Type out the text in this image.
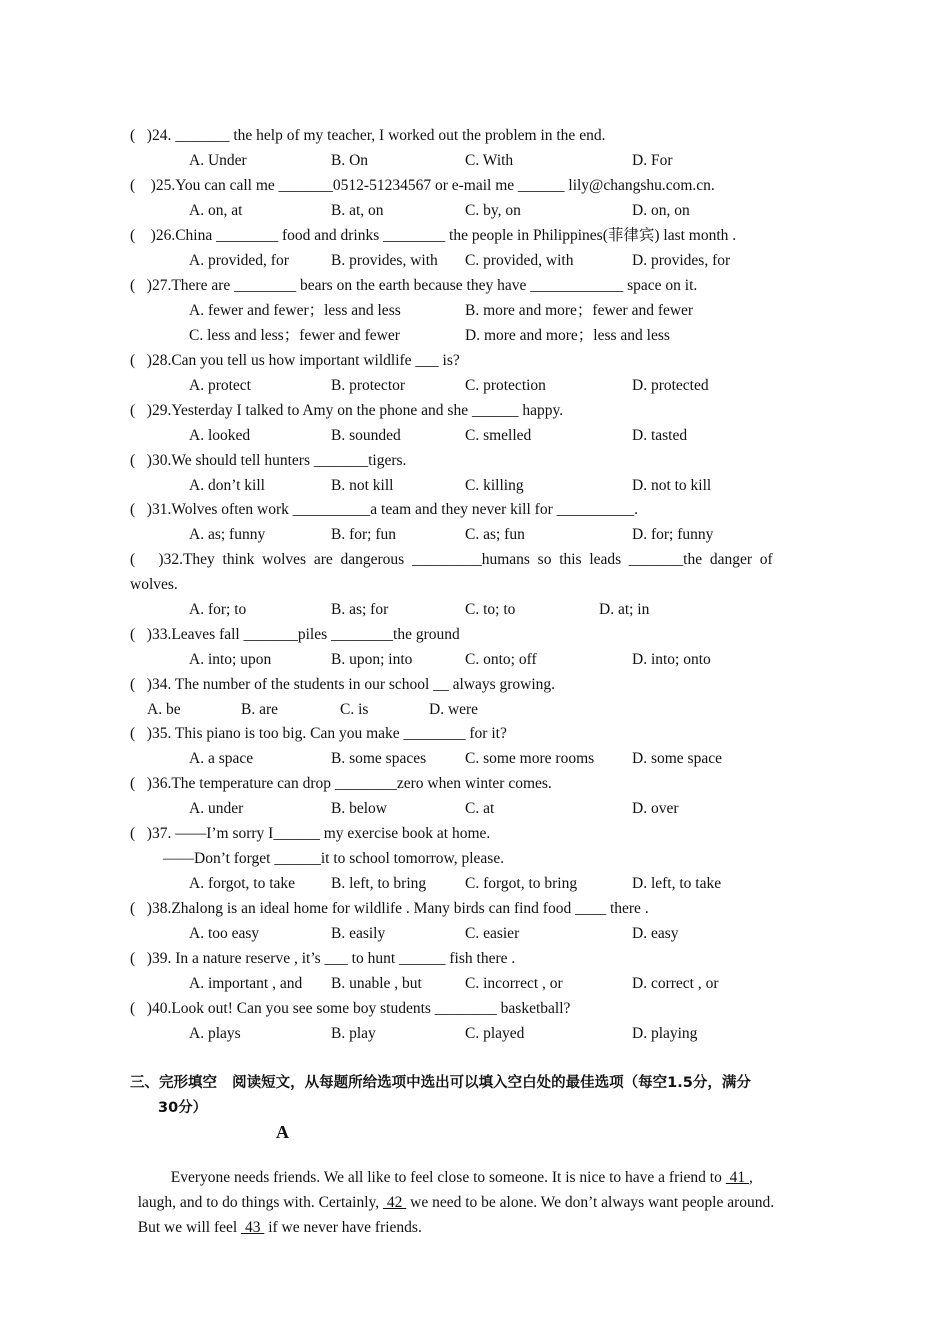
(   )24. _______ the help of my teacher, I worked out the problem in the end.
A. Under	B. On	C. With	D. For
(    )25.You can call me _______0512-51234567 or e-mail me ______ lily@changshu.com.cn.
A. on, at	B. at, on	C. by, on	D. on, on
(    )26.China ________ food and drinks ________ the people in Philippines(菲律宾) last month .
A. provided, for	B. provides, with C. provided, with	D. provides, for
(   )27.There are ________ bears on the earth because they have ____________ space on it.
A. fewer and fewer；less and less	B. more and more；fewer and fewer
C. less and less；fewer and fewer	D. more and more；less and less
(   )28.Can you tell us how important wildlife ___ is?
A. protect	B. protector	C. protection	D. protected
(   )29.Yesterday I talked to Amy on the phone and she ______ happy.
A. looked	B. sounded	C. smelled	D. tasted
(   )30.We should tell hunters _______tigers.
A. don’t kill	B. not kill	C. killing	D. not to kill
(   )31.Wolves often work __________a team and they never kill for __________.
A. as; funny	B. for; fun	C. as; fun	D. for; funny
(      )32.They  think  wolves  are  dangerous  _________humans  so  this  leads  _______the  danger  of
wolves.
A. for; to	B. as; for	C. to; to	D. at; in
(   )33.Leaves fall _______piles ________the ground
A. into; upon	B. upon; into	C. onto; off	D. into; onto
(   )34. The number of the students in our school __ always growing.
A. be	B. are	C. is	D. were
(   )35. This piano is too big. Can you make ________ for it?
A. a space	B. some spaces	C. some more rooms D. some space
(   )36.The temperature can drop ________zero when winter comes.
A. under	B. below	C. at	D. over
(   )37. ——I’m sorry I______ my exercise book at home.
——Don’t forget ______it to school tomorrow, please.
A. forgot, to take B. left, to bring	C. forgot, to bring	D. left, to take
(   )38.Zhalong is an ideal home for wildlife . Many birds can find food ____ there .
A. too easy	B. easily	C. easier	D. easy
(   )39. In a nature reserve , it’s ___ to hunt ______ fish there .
A. important , and B. unable , but	C. incorrect , or	D. correct , or
(   )40.Look out! Can you see some boy students ________ basketball?
A. plays	B. play	C. played	D. playing
三、完形填空   阅读短文，从每题所给选项中选出可以填入空白处的最佳选项（每空1.5分，满分
30分）
A

Everyone needs friends. We all like to feel close to someone. It is nice to have a friend to  41 ,

laugh, and to do things with. Certainly,  42  we need to be alone. We don’t always want people around.

But we will feel  43  if we never have friends.
